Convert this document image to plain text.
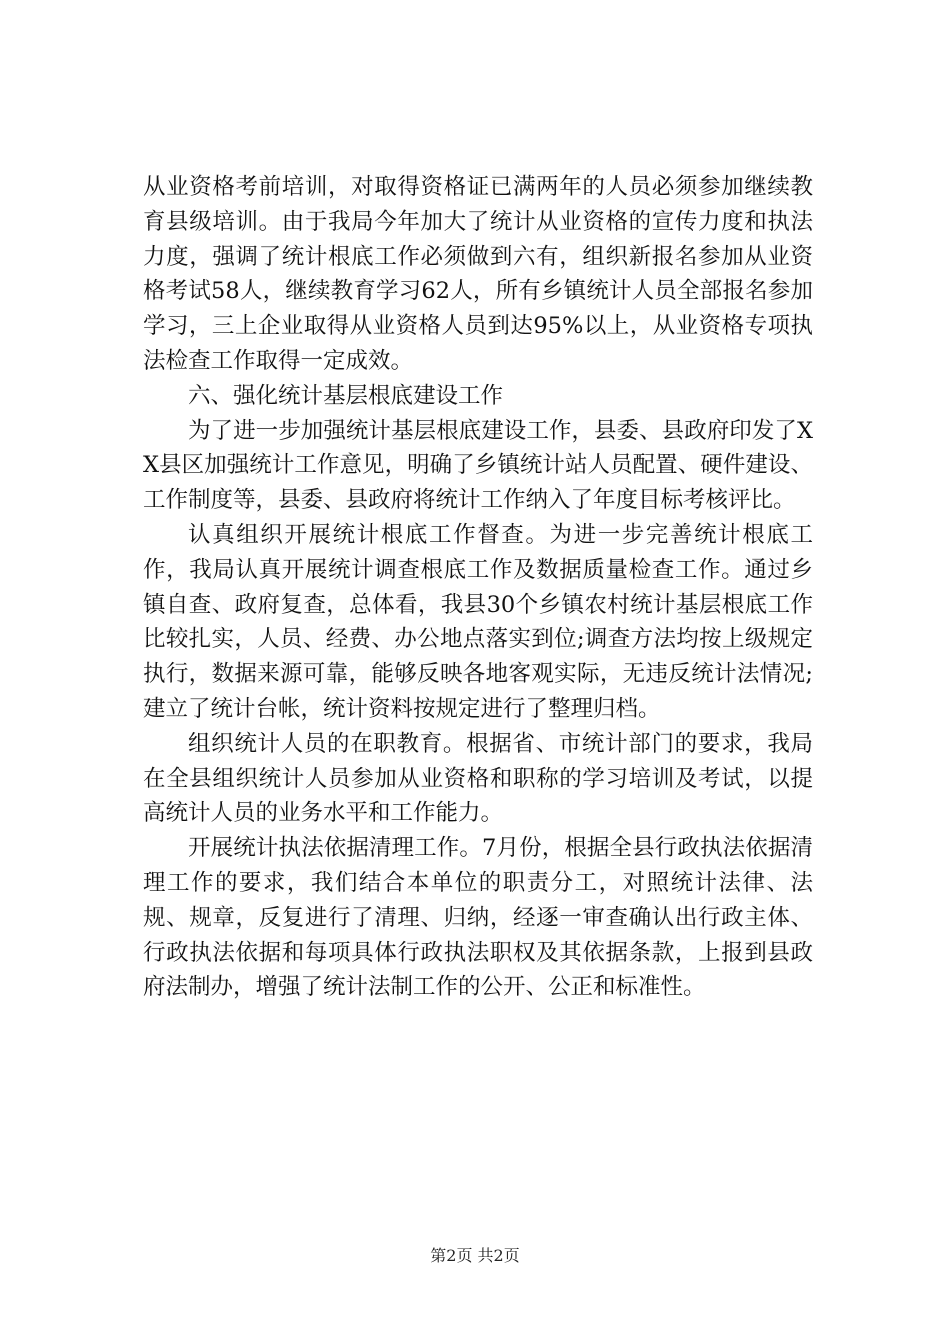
从业资格考前培训，对取得资格证已满两年的人员必须参加继续教育县级培训。由于我局今年加大了统计从业资格的宣传力度和执法力度，强调了统计根底工作必须做到六有，组织新报名参加从业资格考试58人，继续教育学习62人，所有乡镇统计人员全部报名参加学习，三上企业取得从业资格人员到达95%以上，从业资格专项执法检查工作取得一定成效。

六、强化统计基层根底建设工作

为了进一步加强统计基层根底建设工作，县委、县政府印发了XX县区加强统计工作意见，明确了乡镇统计站人员配置、硬件建设、工作制度等，县委、县政府将统计工作纳入了年度目标考核评比。

认真组织开展统计根底工作督查。为进一步完善统计根底工作，我局认真开展统计调查根底工作及数据质量检查工作。通过乡镇自查、政府复查，总体看，我县30个乡镇农村统计基层根底工作比较扎实，人员、经费、办公地点落实到位;调查方法均按上级规定执行，数据来源可靠，能够反映各地客观实际，无违反统计法情况;建立了统计台帐，统计资料按规定进行了整理归档。

组织统计人员的在职教育。根据省、市统计部门的要求，我局在全县组织统计人员参加从业资格和职称的学习培训及考试，以提高统计人员的业务水平和工作能力。

开展统计执法依据清理工作。7月份，根据全县行政执法依据清理工作的要求，我们结合本单位的职责分工，对照统计法律、法规、规章，反复进行了清理、归纳，经逐一审查确认出行政主体、行政执法依据和每项具体行政执法职权及其依据条款，上报到县政府法制办，增强了统计法制工作的公开、公正和标准性。

第2页 共2页
